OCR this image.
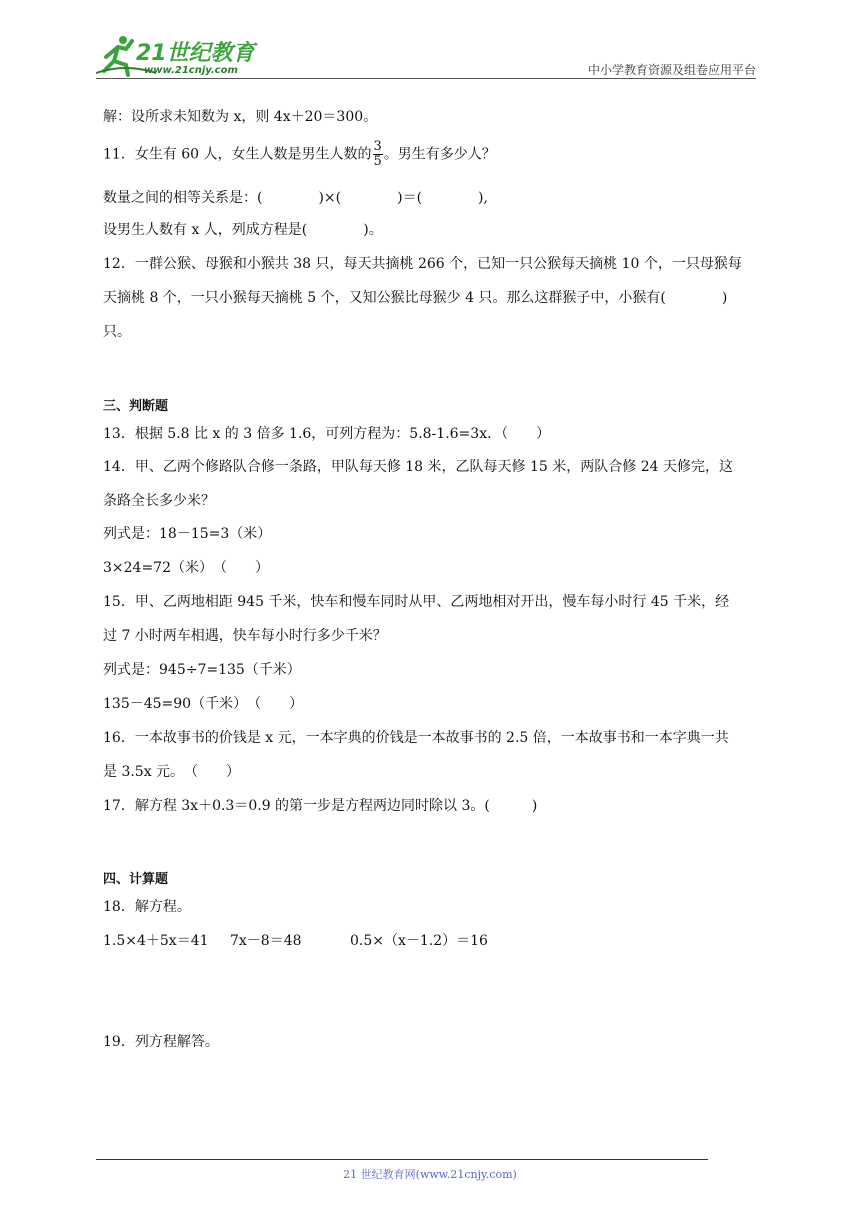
21世纪教育
www.21cnjy.com	中小学教育资源及组卷应用平台
解：设所求未知数为 x，则 4x＋20＝300。
11．女生有 60 人，女生人数是男生人数的 $\frac{3}{5}$ 。男生有多少人？
数量之间的相等关系是：(　　　　)×(　　　　)＝(　　　　),
设男生人数有 x 人，列成方程是(　　　　)。
12．一群公猴、母猴和小猴共 38 只，每天共摘桃 266 个，已知一只公猴每天摘桃 10 个，一只母猴每
天摘桃 8 个，一只小猴每天摘桃 5 个，又知公猴比母猴少 4 只。那么这群猴子中，小猴有(　　　　)
只。
三、判断题
13．根据 5.8 比 x 的 3 倍多 1.6，可列方程为：5.8-1.6=3x．（　　）
14．甲、乙两个修路队合修一条路，甲队每天修 18 米，乙队每天修 15 米，两队合修 24 天修完，这
条路全长多少米？
列式是：18－15=3（米）
3×24=72（米）　（　　）
15．甲、乙两地相距 945 千米，快车和慢车同时从甲、乙两地相对开出，慢车每小时行 45 千米，经
过 7 小时两车相遇，快车每小时行多少千米？
列式是：945÷7=135（千米）
135－45=90（千米）　（　　）
16．一本故事书的价钱是 x 元，一本字典的价钱是一本故事书的 2.5 倍，一本故事书和一本字典一共
是 3.5x 元。　（　　）
17．解方程 3x＋0.3＝0.9 的第一步是方程两边同时除以 3。(　　　)
四、计算题
18．解方程。
1.5×4＋5x＝41 7x－8＝48	0.5×（x－1.2）＝16
19．列方程解答。
21 世纪教育网(www.21cnjy.com)
